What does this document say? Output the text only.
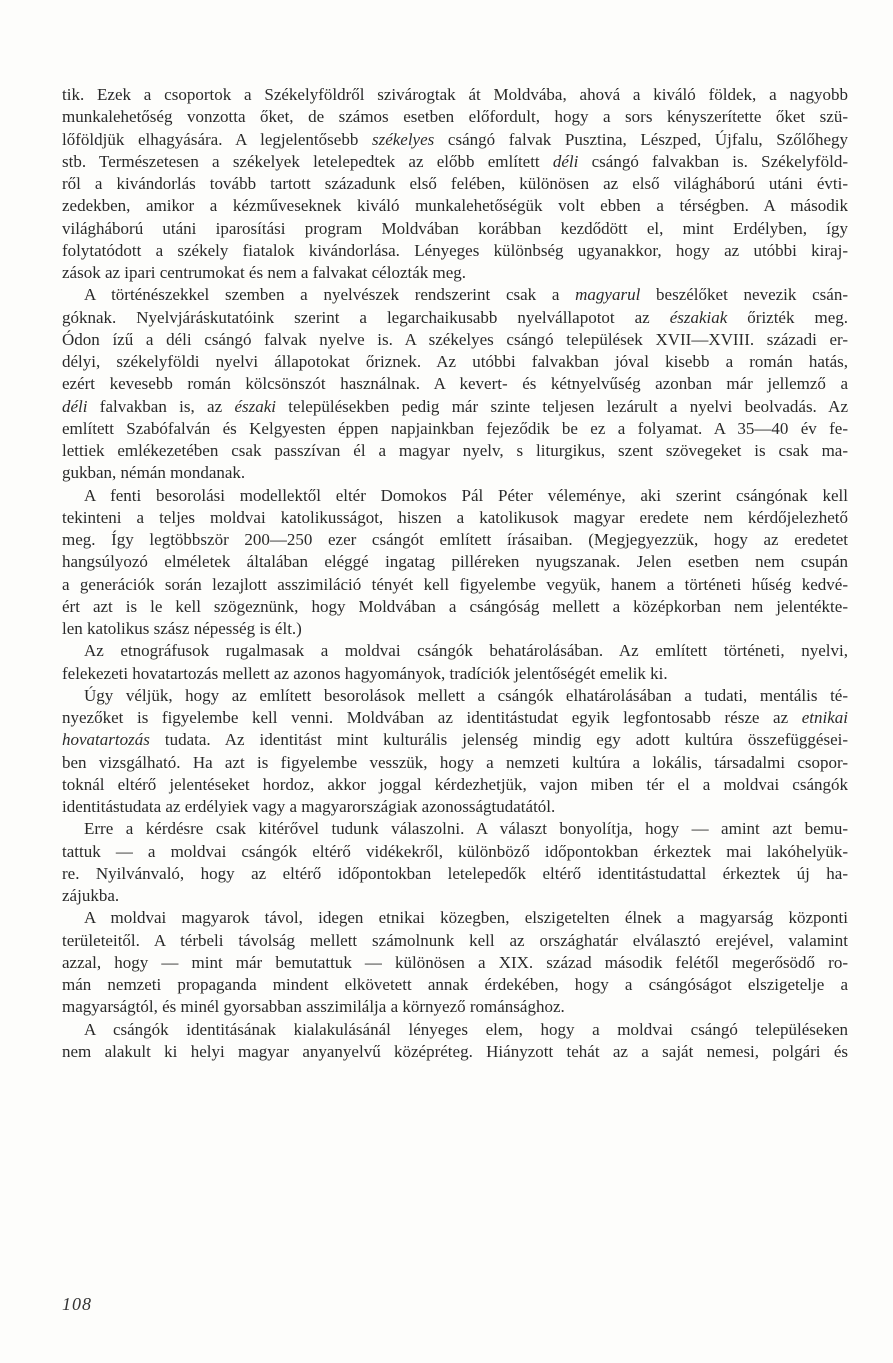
tik. Ezek a csoportok a Székelyföldről szivárogtak át Moldvába, ahová a kiváló földek, a nagyobb
munkalehetőség vonzotta őket, de számos esetben előfordult, hogy a sors kényszerítette őket szü-
lőföldjük elhagyására. A legjelentősebb székelyes csángó falvak Pusztina, Lészped, Újfalu, Szőlőhegy
stb. Természetesen a székelyek letelepedtek az előbb említett déli csángó falvakban is. Székelyföld-
ről a kivándorlás tovább tartott századunk első felében, különösen az első világháború utáni évti-
zedekben, amikor a kézműveseknek kiváló munkalehetőségük volt ebben a térségben. A második
világháború utáni iparosítási program Moldvában korábban kezdődött el, mint Erdélyben, így
folytatódott a székely fiatalok kivándorlása. Lényeges különbség ugyanakkor, hogy az utóbbi kiraj-
zások az ipari centrumokat és nem a falvakat célozták meg.
A történészekkel szemben a nyelvészek rendszerint csak a magyarul beszélőket nevezik csán-
góknak. Nyelvjáráskutatóink szerint a legarchaikusabb nyelvállapotot az északiak őrizték meg.
Ódon ízű a déli csángó falvak nyelve is. A székelyes csángó települések XVII—XVIII. századi er-
délyi, székelyföldi nyelvi állapotokat őriznek. Az utóbbi falvakban jóval kisebb a román hatás,
ezért kevesebb román kölcsönszót használnak. A kevert- és kétnyelvűség azonban már jellemző a
déli falvakban is, az északi településekben pedig már szinte teljesen lezárult a nyelvi beolvadás. Az
említett Szabófalván és Kelgyesten éppen napjainkban fejeződik be ez a folyamat. A 35—40 év fe-
lettiek emlékezetében csak passzívan él a magyar nyelv, s liturgikus, szent szövegeket is csak ma-
gukban, némán mondanak.
A fenti besorolási modellektől eltér Domokos Pál Péter véleménye, aki szerint csángónak kell
tekinteni a teljes moldvai katolikusságot, hiszen a katolikusok magyar eredete nem kérdőjelezhető
meg. Így legtöbbször 200—250 ezer csángót említett írásaiban. (Megjegyezzük, hogy az eredetet
hangsúlyozó elméletek általában eléggé ingatag pilléreken nyugszanak. Jelen esetben nem csupán
a generációk során lezajlott asszimiláció tényét kell figyelembe vegyük, hanem a történeti hűség kedvé-
ért azt is le kell szögeznünk, hogy Moldvában a csángóság mellett a középkorban nem jelentékte-
len katolikus szász népesség is élt.)
Az etnográfusok rugalmasak a moldvai csángók behatárolásában. Az említett történeti, nyelvi,
felekezeti hovatartozás mellett az azonos hagyományok, tradíciók jelentőségét emelik ki.
Úgy véljük, hogy az említett besorolások mellett a csángók elhatárolásában a tudati, mentális té-
nyezőket is figyelembe kell venni. Moldvában az identitástudat egyik legfontosabb része az etnikai
hovatartozás tudata. Az identitást mint kulturális jelenség mindig egy adott kultúra összefüggései-
ben vizsgálható. Ha azt is figyelembe vesszük, hogy a nemzeti kultúra a lokális, társadalmi csopor-
toknál eltérő jelentéseket hordoz, akkor joggal kérdezhetjük, vajon miben tér el a moldvai csángók
identitástudata az erdélyiek vagy a magyarországiak azonosságtudatától.
Erre a kérdésre csak kitérővel tudunk válaszolni. A választ bonyolítja, hogy — amint azt bemu-
tattuk — a moldvai csángók eltérő vidékekről, különböző időpontokban érkeztek mai lakóhelyük-
re. Nyilvánvaló, hogy az eltérő időpontokban letelepedők eltérő identitástudattal érkeztek új ha-
zájukba.
A moldvai magyarok távol, idegen etnikai közegben, elszigetelten élnek a magyarság központi
területeitől. A térbeli távolság mellett számolnunk kell az országhatár elválasztó erejével, valamint
azzal, hogy — mint már bemutattuk — különösen a XIX. század második felétől megerősödő ro-
mán nemzeti propaganda mindent elkövetett annak érdekében, hogy a csángóságot elszigetelje a
magyarságtól, és minél gyorsabban asszimilálja a környező románsághoz.
A csángók identitásának kialakulásánál lényeges elem, hogy a moldvai csángó településeken
nem alakult ki helyi magyar anyanyelvű középréteg. Hiányzott tehát az a saját nemesi, polgári és
108
